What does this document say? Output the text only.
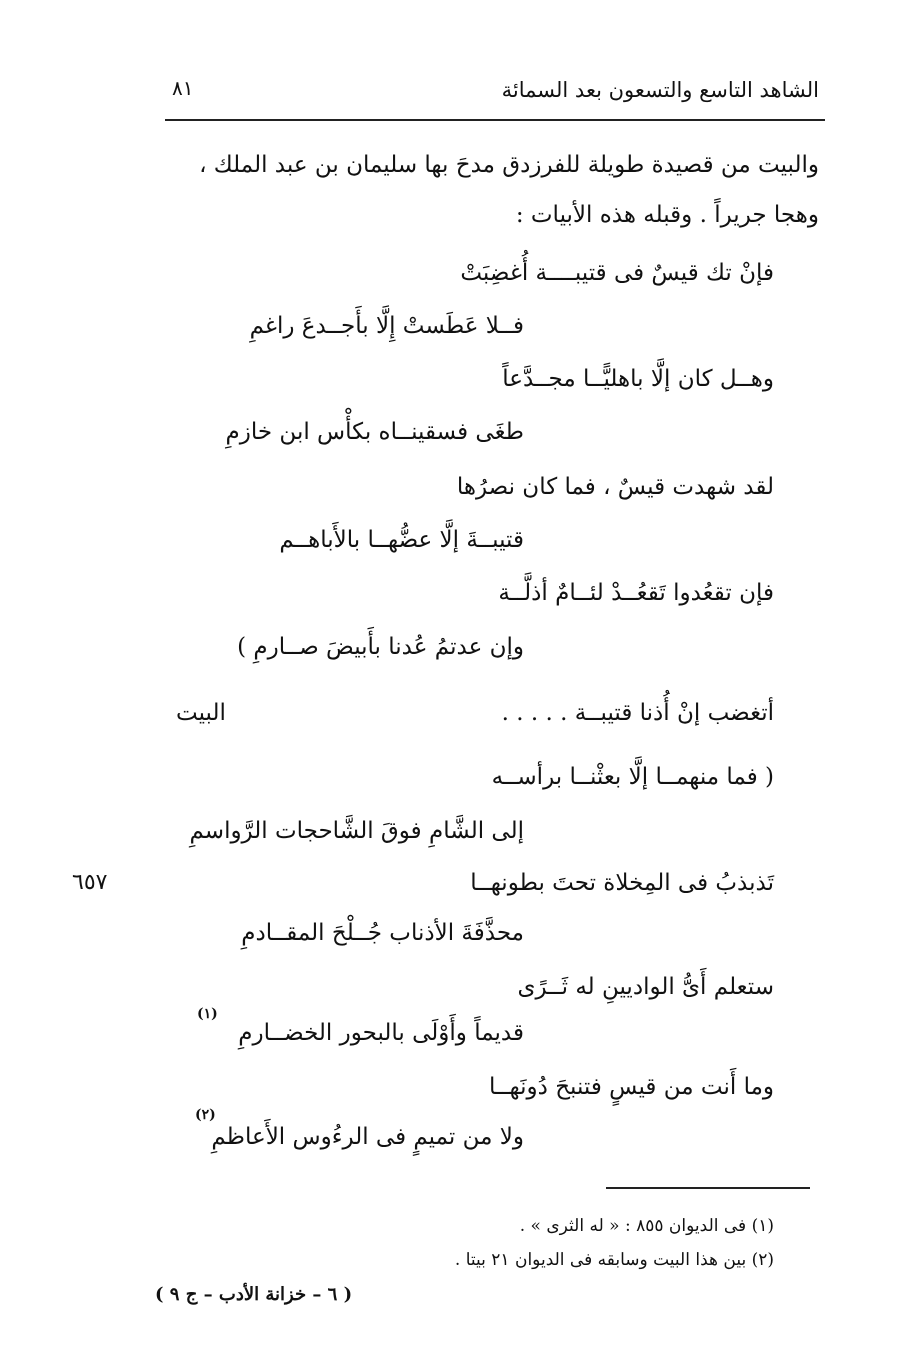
الشاهد التاسع والتسعون بعد السمائة
٨١
والبيت من قصيدة طويلة للفرزدق مدحَ بها سليمان بن عبد الملك ،
وهجا جريراً . وقبله هذه الأبيات :
فإنْ تك قيسٌ فى قتيبــــة أُغضِبَتْ
فــلا عَطَستْ إِلَّا بأَجــدعَ راغمِ
وهــل كان إلَّا باهليًّــا مجــدَّعاً
طغَى فسقينــاه بكأْس ابن خازمِ
لقد شهدت قيسٌ ، فما كان نصرُها
قتيبــةَ إلَّا عضُّهــا بالأَباهــم
فإن تقعُدوا تَقعُــدْ لئــامٌ أذلَّــة
وإن عدتمُ عُدنا بأَبيضَ صــارمِ )
أتغضب إنْ أُذنا قتيبــة . . . . .
البيت
( فما منهمــا إلَّا بعثْنــا برأســه
إلى الشَّامِ فوقَ الشَّاحجات الرَّواسمِ
تَذبذبُ فى المِخلاة تحتَ بطونهــا
محذَّفَةَ الأذناب جُــلْحَ المقــادمِ
٦٥٧
ستعلم أَىُّ الواديينِ له ثَــرًى
قديماً وأَوْلَى بالبحور الخضــارمِ
(١)
وما أَنت من قيسٍ فتنبحَ دُونَهــا
ولا من تميمٍ فى الرءُوس الأَعاظمِ
(٢)
(١) فى الديوان ٨٥٥ : « له الثرى » .
(٢) بين هذا البيت وسابقه فى الديوان ٢١ بيتا .
( ٦ – خزانة الأدب – ج ٩ )
